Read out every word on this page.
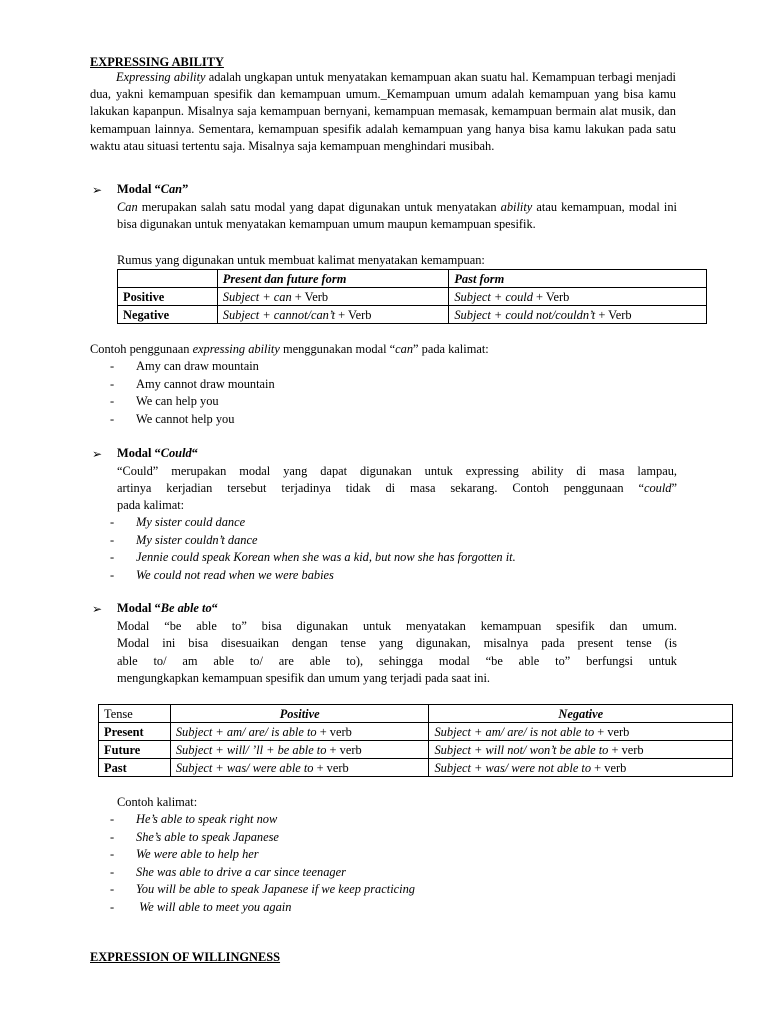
EXPRESSING ABILITY

Expressing ability adalah ungkapan untuk menyatakan kemampuan akan suatu hal. Kemampuan terbagi menjadi dua, yakni kemampuan spesifik dan kemampuan umum._Kemampuan umum adalah kemampuan yang bisa kamu lakukan kapanpun. Misalnya saja kemampuan bernyani, kemampuan memasak, kemampuan bermain alat musik, dan kemampuan lainnya. Sementara, kemampuan spesifik adalah kemampuan yang hanya bisa kamu lakukan pada satu waktu atau situasi tertentu saja. Misalnya saja kemampuan menghindari musibah.

➢ Modal “Can”

Can merupakan salah satu modal yang dapat digunakan untuk menyatakan ability atau kemampuan, modal ini bisa digunakan untuk menyatakan kemampuan umum maupun kemampuan spesifik.

Rumus yang digunakan untuk membuat kalimat menyatakan kemampuan:
	Present dan future form	Past form
Positive	Subject + can + Verb	Subject + could + Verb
Negative	Subject + cannot/can’t + Verb	Subject + could not/couldn’t + Verb
Contoh penggunaan expressing ability menggunakan modal “can” pada kalimat:
- Amy can draw mountain
- Amy cannot draw mountain
- We can help you
- We cannot help you
➢ Modal “Could“
“Could” merupakan modal yang dapat digunakan untuk expressing ability di masa lampau,
artinya kerjadian tersebut terjadinya tidak di masa sekarang. Contoh penggunaan “could”
pada kalimat:
- My sister could dance
- My sister couldn’t dance
- Jennie could speak Korean when she was a kid, but now she has forgotten it.
- We could not read when we were babies
➢ Modal “Be able to“
Modal “be able to” bisa digunakan untuk menyatakan kemampuan spesifik dan umum.
Modal ini bisa disesuaikan dengan tense yang digunakan, misalnya pada present tense (is
able to/ am able to/ are able to), sehingga modal “be able to” berfungsi untuk
mengungkapkan kemampuan spesifik dan umum yang terjadi pada saat ini.
Tense	Positive	Negative
Present	Subject + am/ are/ is able to + verb	Subject + am/ are/ is not able to + verb
Future	Subject + will/ ’ll + be able to + verb	Subject + will not/ won’t be able to + verb
Past	Subject + was/ were able to + verb	Subject + was/ were not able to + verb
Contoh kalimat:
- He’s able to speak right now
- She’s able to speak Japanese
- We were able to help her
- She was able to drive a car since teenager
- You will be able to speak Japanese if we keep practicing
-  We will able to meet you again
EXPRESSION OF WILLINGNESS
